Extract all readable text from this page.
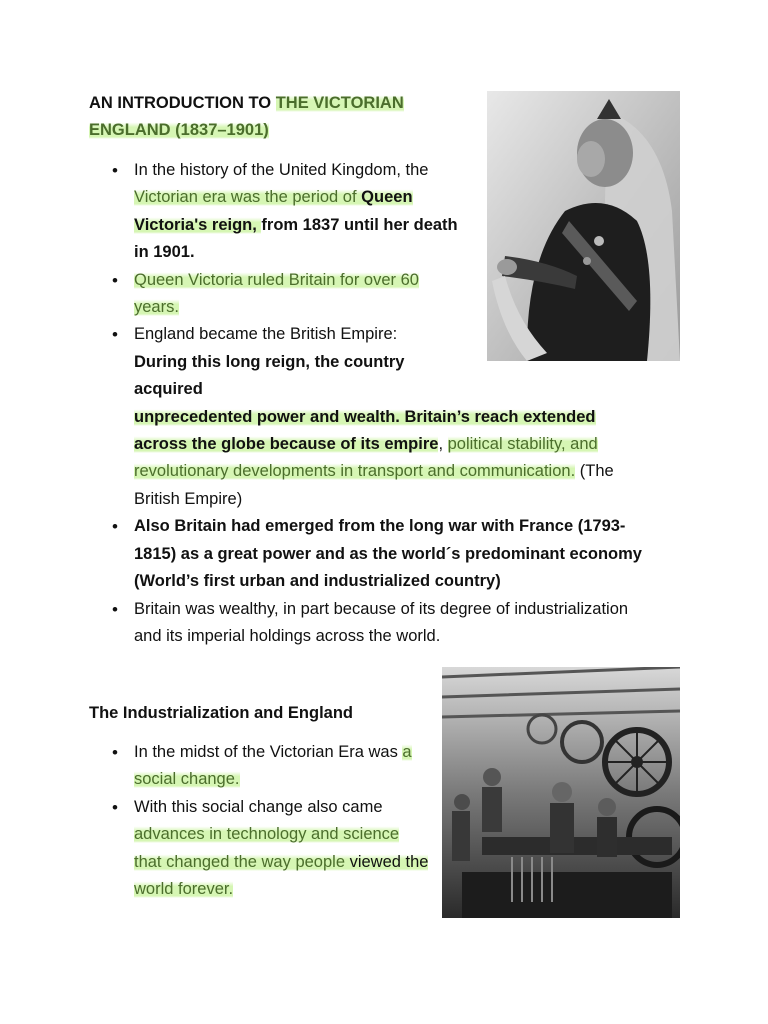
AN INTRODUCTION TO THE VICTORIAN
ENGLAND (1837–1901)
• In the history of the United Kingdom, the Victorian era was the period of Queen Victoria's reign, from 1837 until her death in 1901.
• Queen Victoria ruled Britain for over 60 years.
• England became the British Empire: During this long reign, the country acquired
unprecedented power and wealth. Britain’s reach extended across the globe because of its empire, political stability, and revolutionary developments in transport and communication. (The British Empire)
• Also Britain had emerged from the long war with France (1793-1815) as a great power and as the world´s predominant economy (World’s first urban and industrialized country)
• Britain was wealthy, in part because of its degree of industrialization and its imperial holdings across the world.
The Industrialization and England
• In the midst of the Victorian Era was a social change.
• With this social change also came advances in technology and science that changed the way people viewed the world forever.
